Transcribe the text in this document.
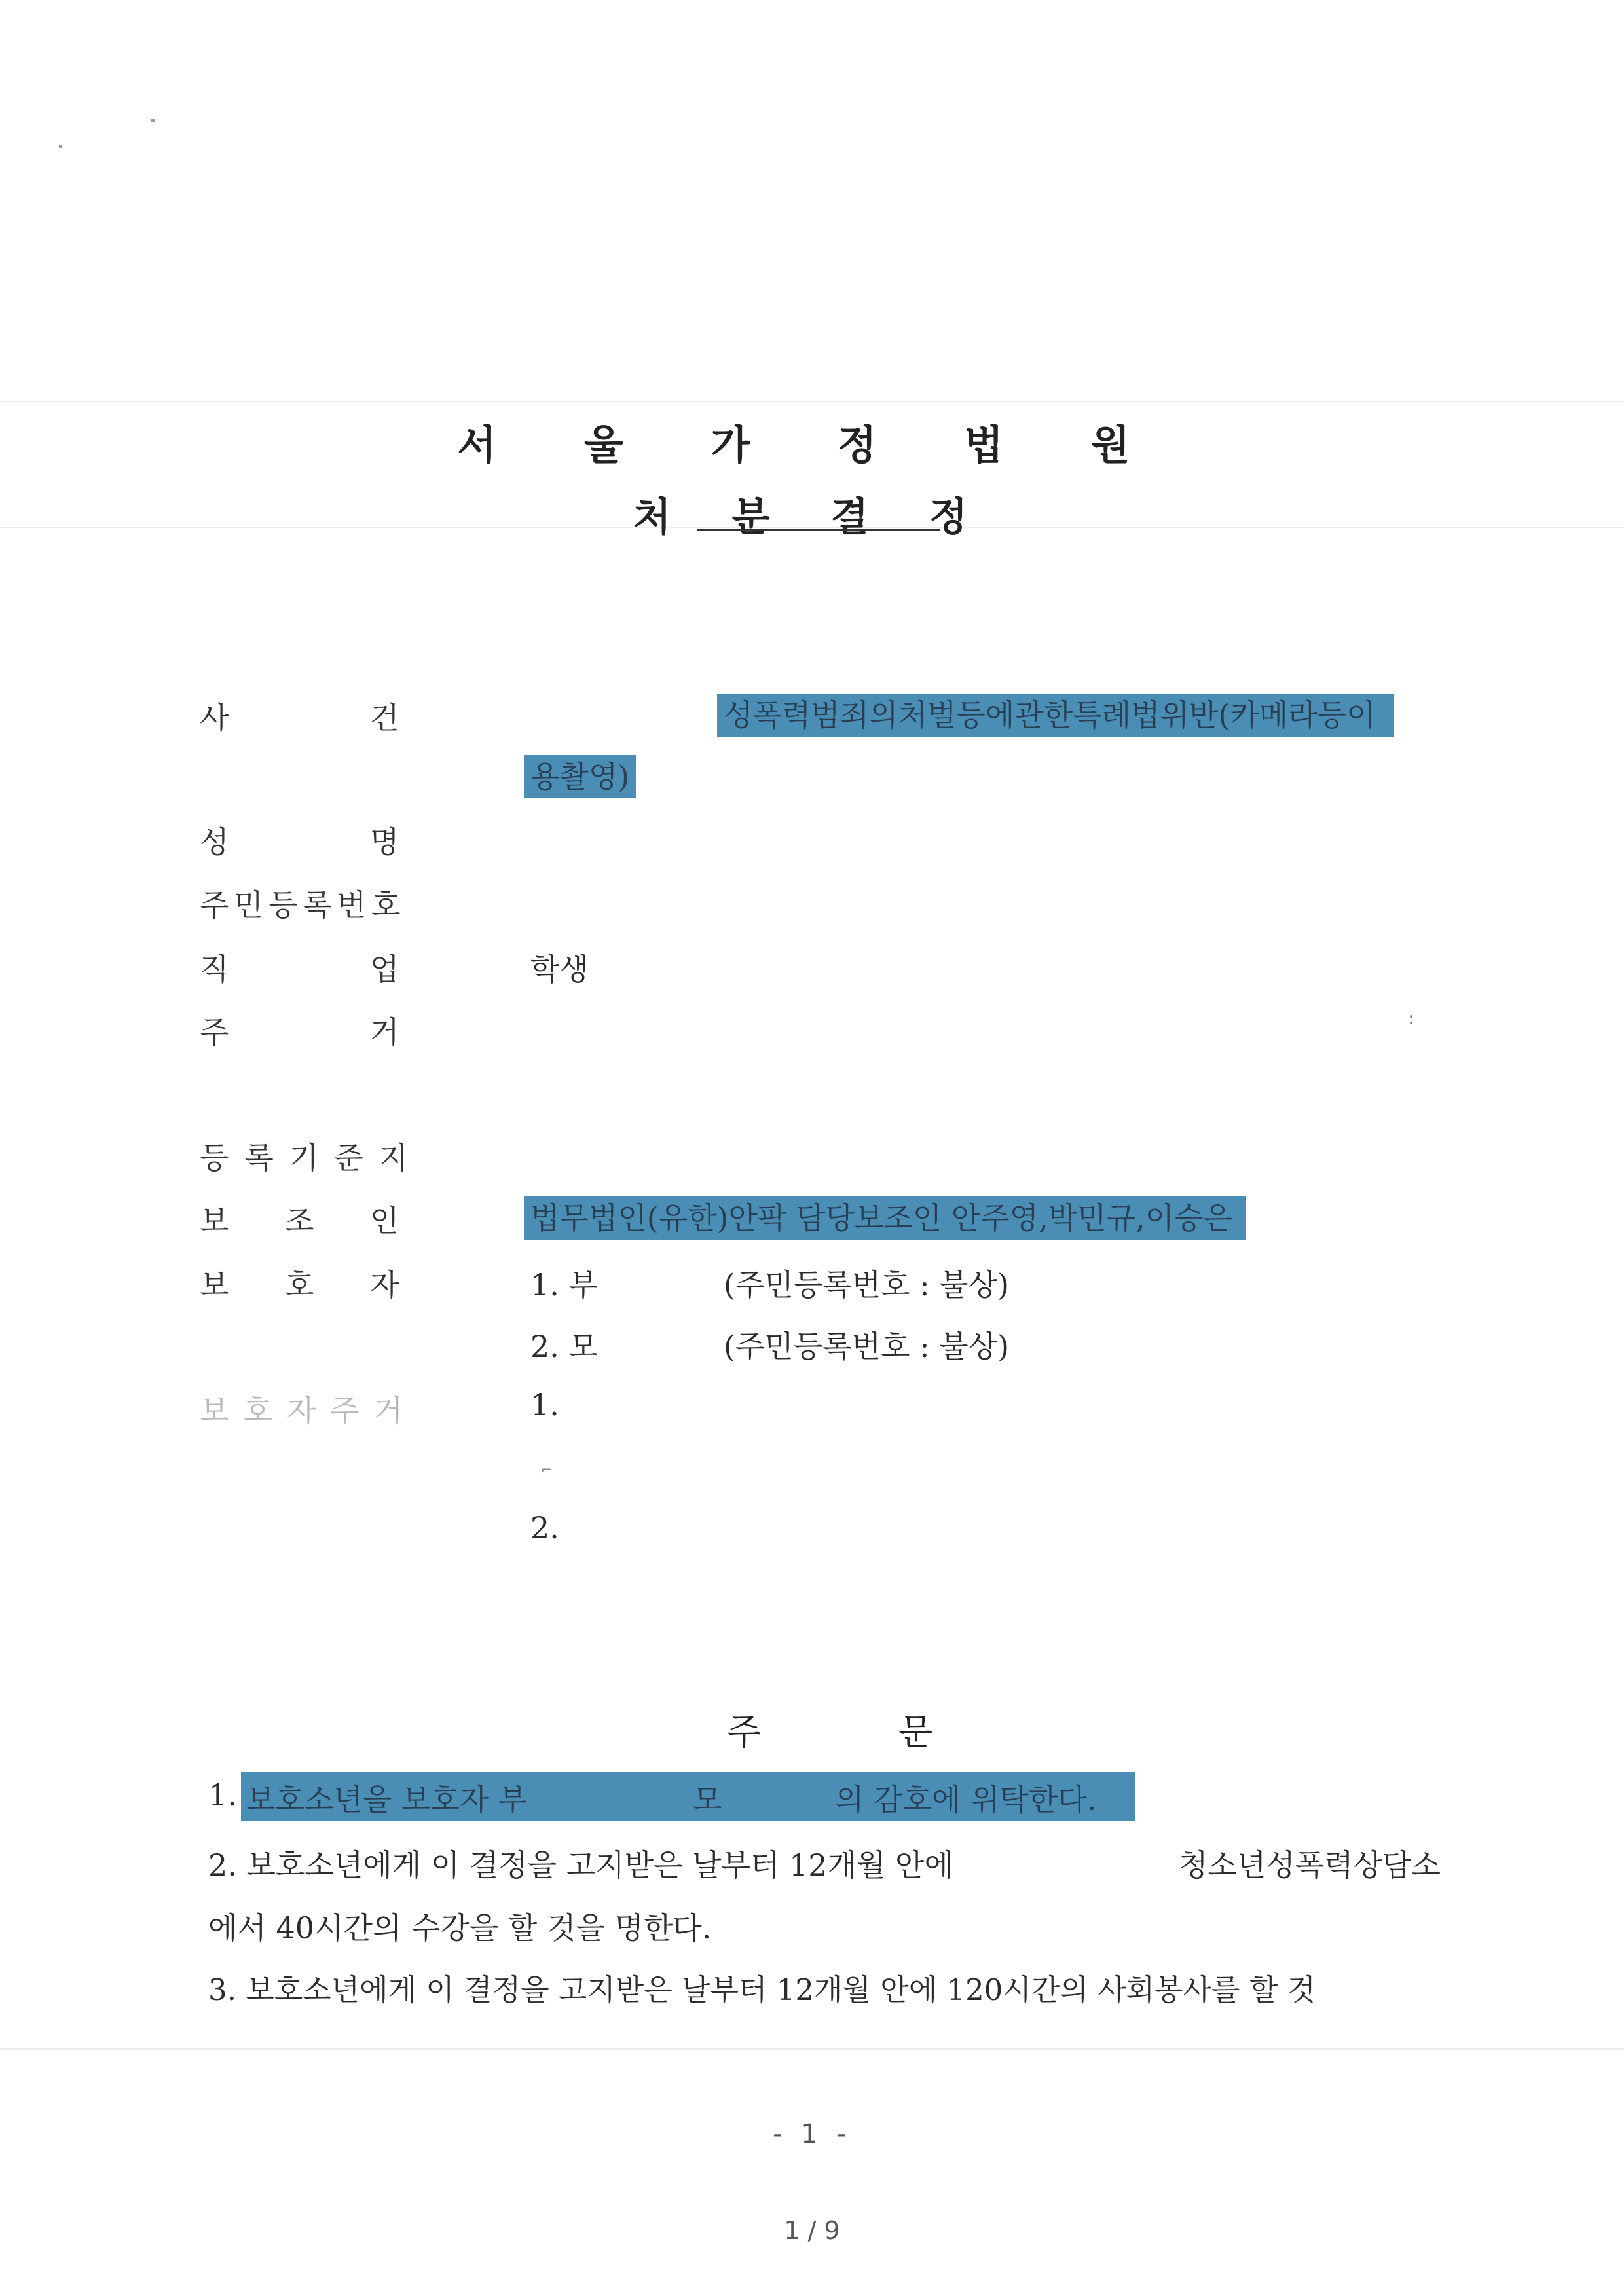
서 울 가 정 법 원
처 분 결 정
사	건	성폭력범죄의처벌등에관한특례법위반(카메라등이
용촬영)
성	명
주민등록번호
직	업	학생
주	거	:
등록기준지
보 조 인	법무법인(유한)안팍 담당보조인 안주영,박민규,이승은
보 호 자	1. 부	(주민등록번호 : 불상)
2. 모	(주민등록번호 : 불상)
보호자주거	1.
⌐
2.
주	문
1. 보호소년을 보호자 부	모	의 감호에 위탁한다.
2. 보호소년에게 이 결정을 고지받은 날부터 12개월 안에	청소년성폭력상담소
에서 40시간의 수강을 할 것을 명한다.
3. 보호소년에게 이 결정을 고지받은 날부터 12개월 안에 120시간의 사회봉사를 할 것
- 1 -
1 / 9
